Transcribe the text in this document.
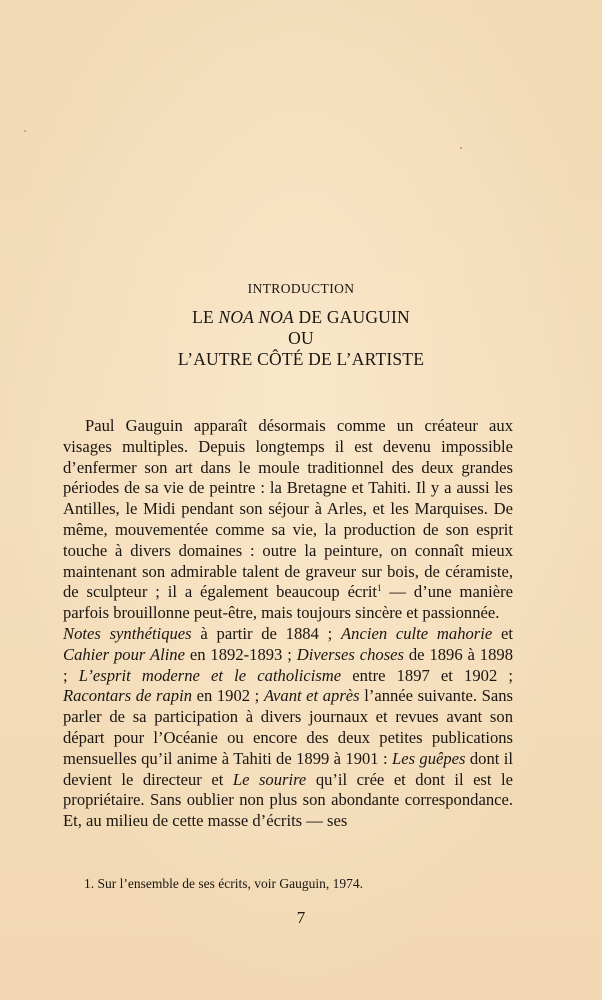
INTRODUCTION
LE NOA NOA DE GAUGUIN
OU
L’AUTRE CÔTÉ DE L’ARTISTE

Paul Gauguin apparaît désormais comme un créateur aux visages multiples. Depuis longtemps il est devenu impossible d’enfermer son art dans le moule traditionnel des deux grandes périodes de sa vie de peintre : la Bretagne et Tahiti. Il y a aussi les Antilles, le Midi pendant son séjour à Arles, et les Marquises. De même, mouvementée comme sa vie, la production de son esprit touche à divers domaines : outre la peinture, on connaît mieux maintenant son admirable talent de graveur sur bois, de céramiste, de sculpteur ; il a également beaucoup écrit$^1$ — d’une manière parfois brouillonne peut-être, mais toujours sincère et passionnée.

Notes synthétiques à partir de 1884 ; Ancien culte mahorie et Cahier pour Aline en 1892-1893 ; Diverses choses de 1896 à 1898 ; L’esprit moderne et le catholicisme entre 1897 et 1902 ; Racontars de rapin en 1902 ; Avant et après l’année suivante. Sans parler de sa participation à divers journaux et revues avant son départ pour l’Océanie ou encore des deux petites publications mensuelles qu’il anime à Tahiti de 1899 à 1901 : Les guêpes dont il devient le directeur et Le sourire qu’il crée et dont il est le propriétaire. Sans oublier non plus son abondante correspondance. Et, au milieu de cette masse d’écrits — ses

1. Sur l’ensemble de ses écrits, voir Gauguin, 1974.
7
